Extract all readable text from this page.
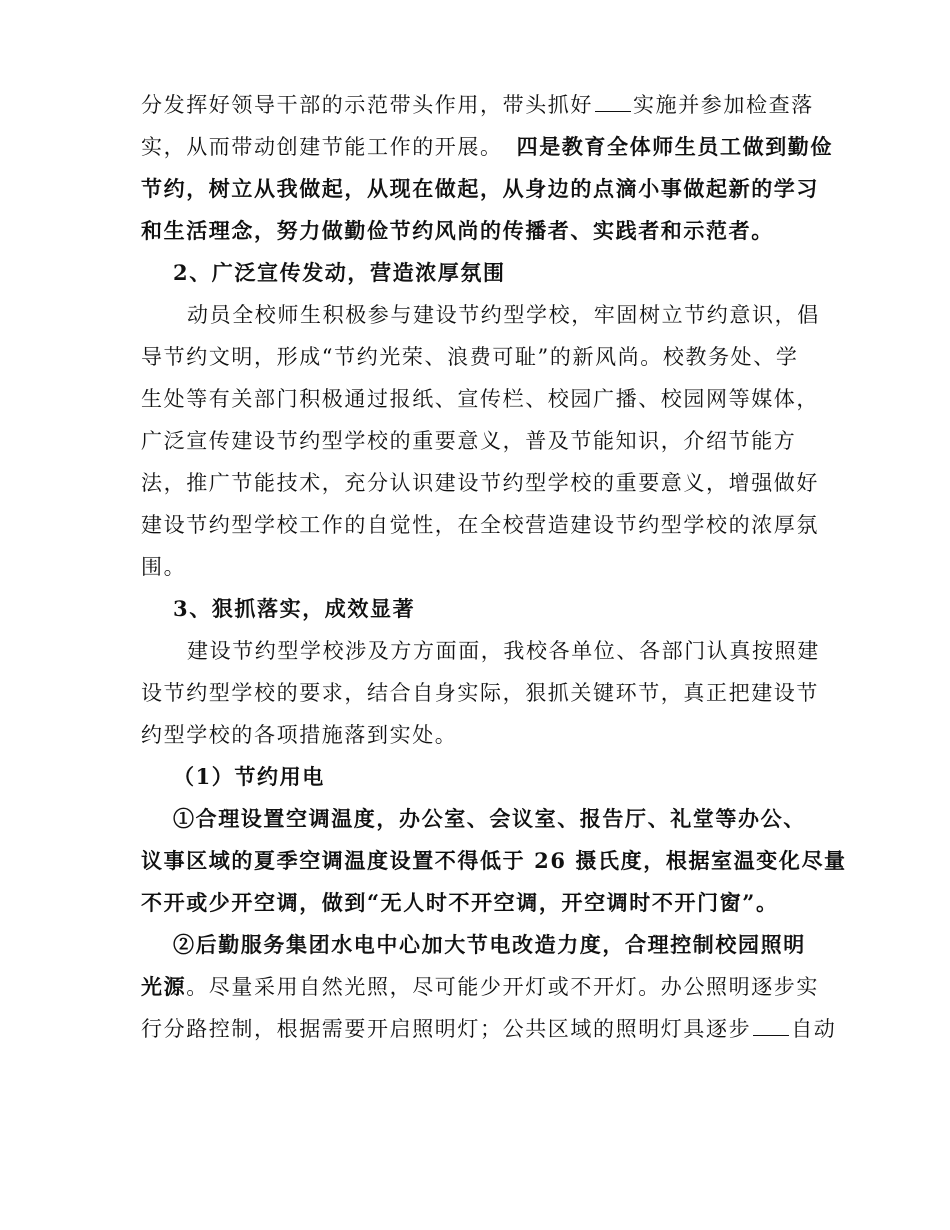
分发挥好领导干部的示范带头作用，带头抓好 实施并参加检查落
实，从而带动创建节能工作的开展。 四是教育全体师生员工做到勤俭
节约，树立从我做起，从现在做起，从身边的点滴小事做起新的学习
和生活理念，努力做勤俭节约风尚的传播者、实践者和示范者。
2、广泛宣传发动，营造浓厚氛围
动员全校师生积极参与建设节约型学校，牢固树立节约意识，倡
导节约文明，形成“节约光荣、浪费可耻”的新风尚。校教务处、学
生处等有关部门积极通过报纸、宣传栏、校园广播、校园网等媒体，
广泛宣传建设节约型学校的重要意义，普及节能知识，介绍节能方
法，推广节能技术，充分认识建设节约型学校的重要意义，增强做好
建设节约型学校工作的自觉性，在全校营造建设节约型学校的浓厚氛
围。
3、狠抓落实，成效显著
建设节约型学校涉及方方面面，我校各单位、各部门认真按照建
设节约型学校的要求，结合自身实际，狠抓关键环节，真正把建设节
约型学校的各项措施落到实处。
（1）节约用电
①合理设置空调温度，办公室、会议室、报告厅、礼堂等办公、
议事区域的夏季空调温度设置不得低于 26 摄氏度，根据室温变化尽量
不开或少开空调，做到“无人时不开空调，开空调时不开门窗”。
②后勤服务集团水电中心加大节电改造力度，合理控制校园照明
光源。尽量采用自然光照，尽可能少开灯或不开灯。办公照明逐步实
行分路控制，根据需要开启照明灯；公共区域的照明灯具逐步 自动
